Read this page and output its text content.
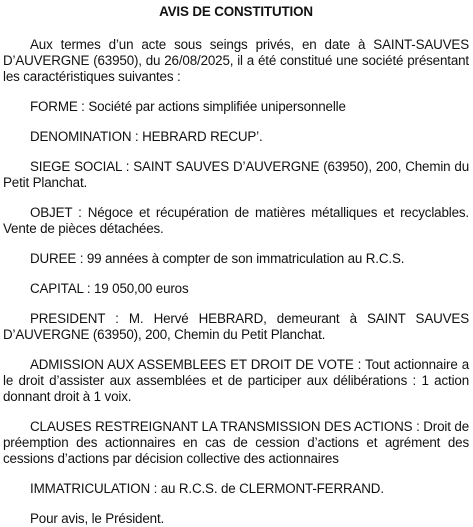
AVIS DE CONSTITUTION

Aux termes d’un acte sous seings privés, en date à SAINT-SAUVES D’AUVERGNE (63950), du 26/08/2025, il a été constitué une société présentant les caractéristiques suivantes :

FORME : Société par actions simplifiée unipersonnelle

DENOMINATION : HEBRARD RECUP’.

SIEGE SOCIAL : SAINT SAUVES D’AUVERGNE (63950), 200, Chemin du Petit Planchat.

OBJET : Négoce et récupération de matières métalliques et recyclables. Vente de pièces détachées.

DUREE : 99 années à compter de son immatriculation au R.C.S.

CAPITAL : 19 050,00 euros

PRESIDENT : M. Hervé HEBRARD, demeurant à SAINT SAUVES D’AUVERGNE (63950), 200, Chemin du Petit Planchat.

ADMISSION AUX ASSEMBLEES ET DROIT DE VOTE : Tout actionnaire a le droit d’assister aux assemblées et de participer aux délibérations : 1 action donnant droit à 1 voix.

CLAUSES RESTREIGNANT LA TRANSMISSION DES ACTIONS : Droit de préemption des actionnaires en cas de cession d’actions et agrément des cessions d’actions par décision collective des actionnaires

IMMATRICULATION : au R.C.S. de CLERMONT-FERRAND.

Pour avis, le Président.
